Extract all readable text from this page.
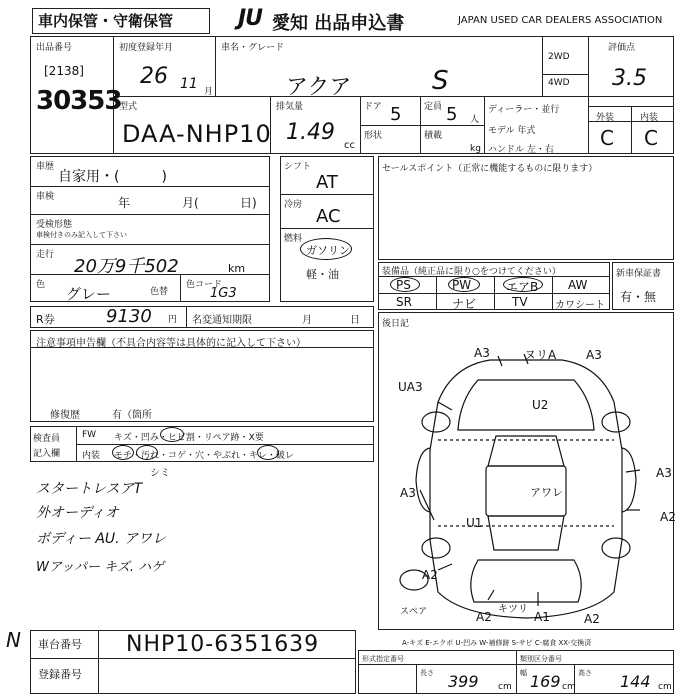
車内保管・守衛保管	JU 愛知 出品申込書	JAPAN USED CAR DEALERS ASSOCIATION
出品番号
[2138]
30353
初度登録年月
26 11 月
車名・グレード
アクア	S
2WD
4WD
評価点
3.5
外装	内装
C C
型式
DAA-NHP10
排気量
1.49
cc
ドア 5	定員 5 人
形状	積載
kg
ディーラー・並行
モデル 年式
ハンドル 左・右
車歴
自家用・(　　　)
車検	年	月(	日)
受検形態
車検付きのみ記入して下さい
走行
20万9千502	km
色 グレー	色替
色コード
1G3
シフト
AT
冷房
AC
燃料
ガソリン
軽・油
セールスポイント（正常に機能するものに限ります）
装備品（純正品に限り○をつけてください）
PS	PW	エアB AW
SR	ナビ	TV	カワシート
新車保証書
有・無
R券	9130 円 名変通知期限	月	日
注意事項申告欄（不具合内容等は具体的に記入して下さい）
修復歴	有（箇所
後日記
検査員
記入欄
FW キズ・凹み・ヒビ割・リペア跡・X要
内装 モチ・汚れ・コゲ・穴・やぶれ・キレ・破レ
シミ
スタートレスアT
外オーディオ
ボディー AU. アワレ
Wアッパー キズ. ハゲ
A3	ヌリA A3
UA3
U2
アワレ
A3
A2
U1
A3
A2
A2
キツリ
A1	A2
スペア
A-キズ E-エクボ U-凹み W-補修跡 S-サビ C-腐食 XX-交換済
N 車台番号 NHP10-6351639
登録番号
形式指定番号	類別区分番号
長さ	幅	高さ
399 cm 169 cm	144 cm
